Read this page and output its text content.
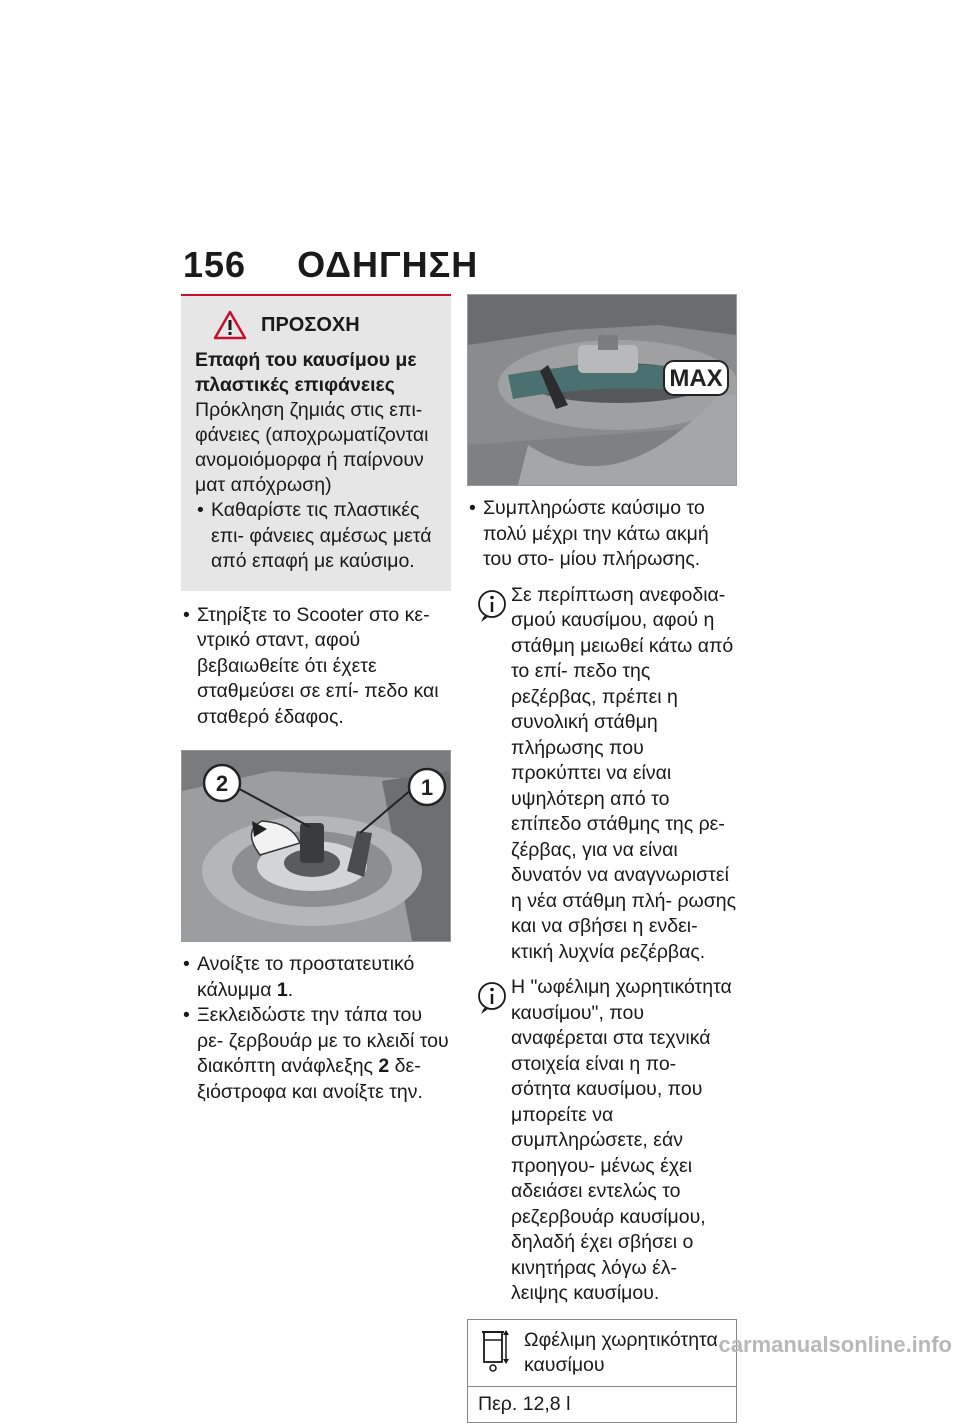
156 ΟΔΗΓΗΣΗ
ΠΡΟΣΟΧΗ
Επαφή του καυσίμου με πλαστικές επιφάνειες
Πρόκληση ζημιάς στις επι- φάνειες (αποχρωματίζονται ανομοιόμορφα ή παίρνουν ματ απόχρωση)
• Καθαρίστε τις πλαστικές επι- φάνειες αμέσως μετά από επαφή με καύσιμο.
• Στηρίξτε το Scooter στο κε- ντρικό σταντ, αφού βεβαιωθείτε ότι έχετε σταθμεύσει σε επί- πεδο και σταθερό έδαφος.
2	1
• Ανοίξτε το προστατευτικό κάλυμμα 1.
• Ξεκλειδώστε την τάπα του ρε- ζερβουάρ με το κλειδί του διακόπτη ανάφλεξης 2 δε- ξιόστροφα και ανοίξτε την.
MAX
• Συμπληρώστε καύσιμο το πολύ μέχρι την κάτω ακμή του στο- μίου πλήρωσης.
Σε περίπτωση ανεφοδια- σμού καυσίμου, αφού η στάθμη μειωθεί κάτω από το επί- πεδο της ρεζέρβας, πρέπει η συνολική στάθμη πλήρωσης που προκύπτει να είναι υψηλότερη από το επίπεδο στάθμης της ρε- ζέρβας, για να είναι δυνατόν να αναγνωριστεί η νέα στάθμη πλή- ρωσης και να σβήσει η ενδει- κτική λυχνία ρεζέρβας.
Η "ωφέλιμη χωρητικότητα καυσίμου", που αναφέρεται στα τεχνικά στοιχεία είναι η πο- σότητα καυσίμου, που μπορείτε να συμπληρώσετε, εάν προηγου- μένως έχει αδειάσει εντελώς το ρεζερβουάρ καυσίμου, δηλαδή έχει σβήσει ο κινητήρας λόγω έλ- λειψης καυσίμου.
Ωφέλιμη χωρητικότητα καυσίμου
Περ. 12,8 l
carmanualsonline.info
